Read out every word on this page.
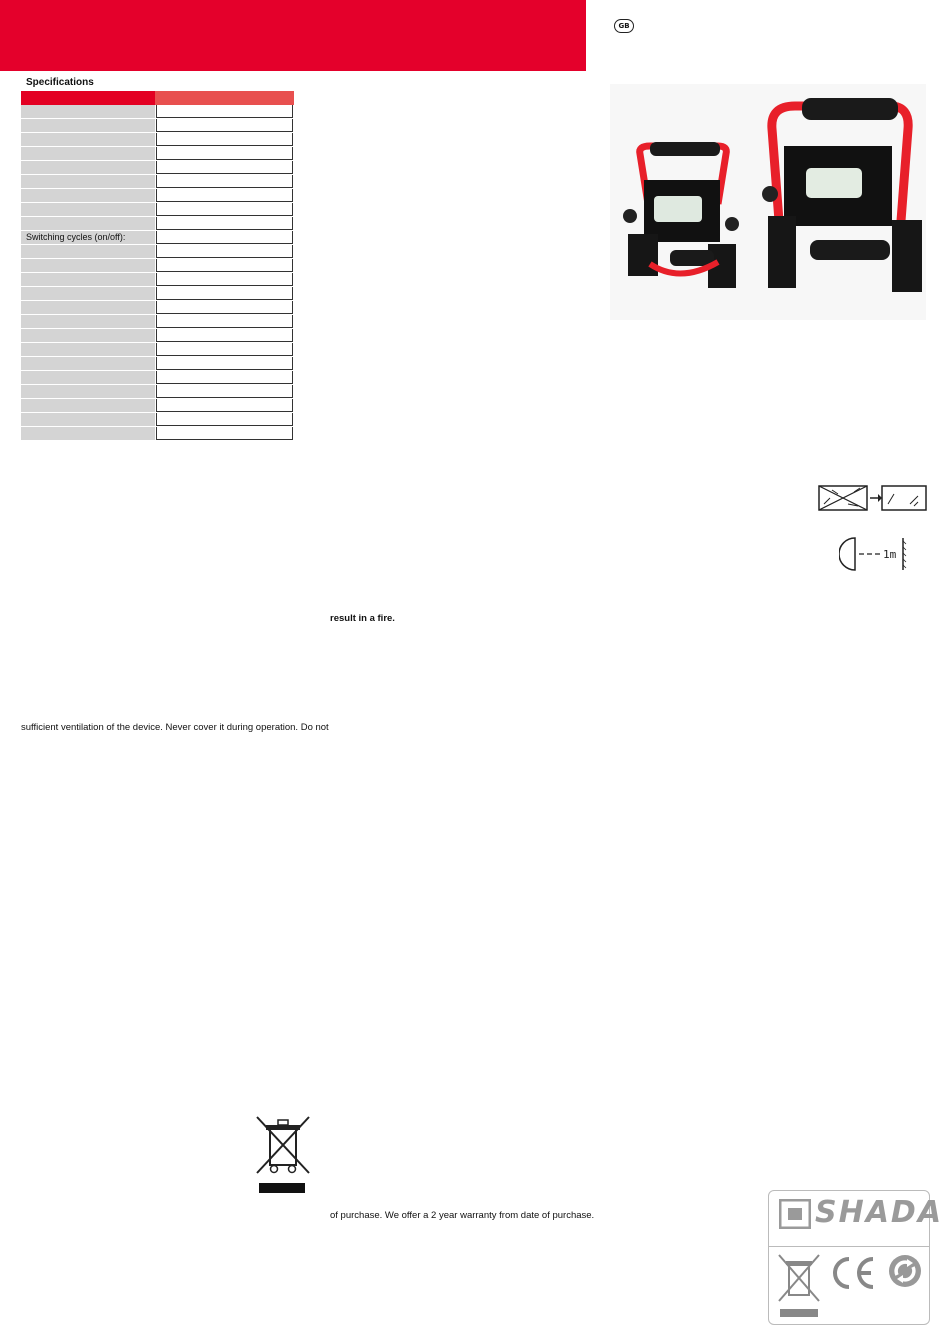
GB
Specifications
Switching cycles (on/off):
1m
result in a fire.
sufficient ventilation of the device. Never cover it during operation. Do not
of purchase. We offer a 2 year warranty from date of purchase.	SHADA
